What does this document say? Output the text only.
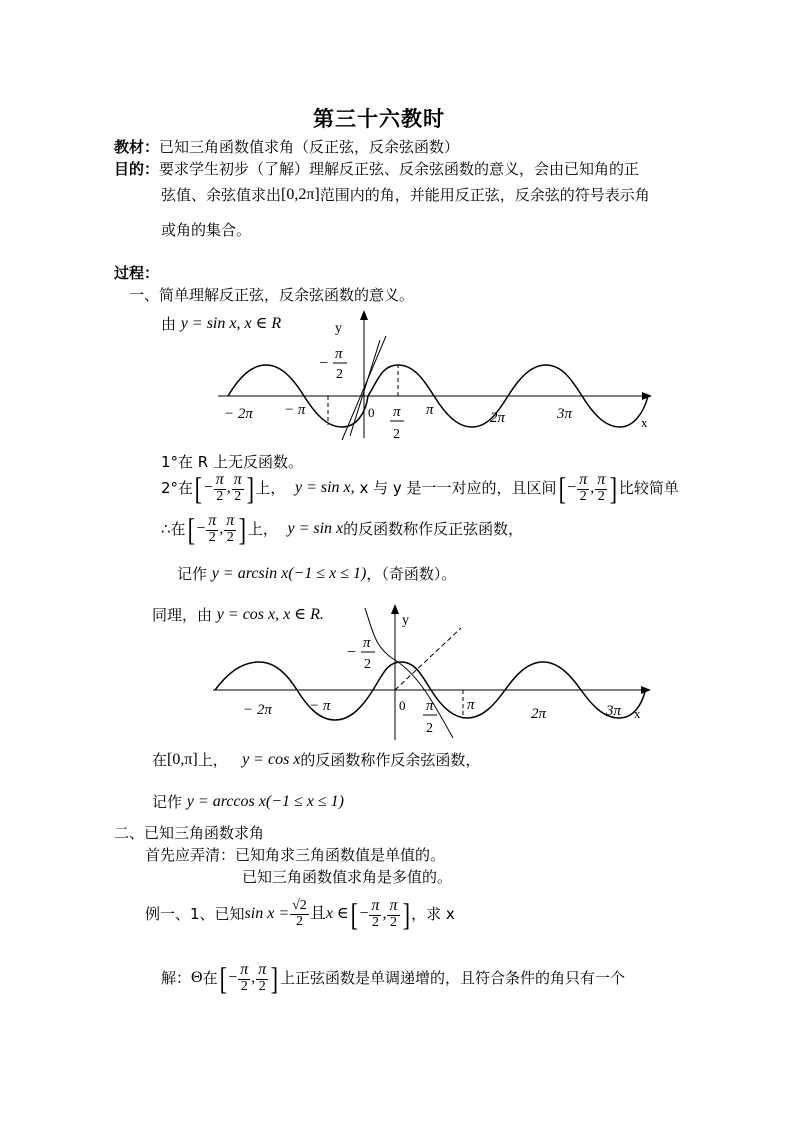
第三十六教时
教材：已知三角函数值求角（反正弦，反余弦函数）
目的：要求学生初步（了解）理解反正弦、反余弦函数的意义，会由已知角的正
弦值、余弦值求出 [0,2π] 范围内的角，并能用反正弦，反余弦的符号表示角
或角的集合。
过程：
一、简单理解反正弦，反余弦函数的意义。
由
y = sin x, x ∈ R	y
−
π
2
− 2π − π	0 π
2
π	2π	3π
x
1°在 R 上无反函数。
2°在 [ − $\frac{\pi}{2}$ , $\frac{\pi}{2}$ ] 上，
y = sin x,
x 与 y 是一一对应的，且区间 [ − $\frac{\pi}{2}$ , $\frac{\pi}{2}$ ] 比较简单
∴在 [ − $\frac{\pi}{2}$ , $\frac{\pi}{2}$ ] 上，
y = sin x 的反函数称作反正弦函数，
记作
y = arcsin x(−1 ≤ x ≤ 1) ，（奇函数）。
同理，由
y = cos x, x ∈ R.	y
−
π
2
− 2π − π	0 π
2
π
2π	3π x
在 [0,π] 上，
y = cos x 的反函数称作反余弦函数，
记作
y = arccos x(−1 ≤ x ≤ 1)
二、已知三角函数求角
首先应弄清：已知角求三角函数值是单值的。
已知三角函数值求角是多值的。
例一、1、已知 $\sin x = \frac{√2}{2}$ 且 x ∈ [ − $\frac{\pi}{2}$ , $\frac{\pi}{2}$ ] ，求 x
解： Θ 在 [ − $\frac{\pi}{2}$ , $\frac{\pi}{2}$ ] 上正弦函数是单调递增的，且符合条件的角只有一个
